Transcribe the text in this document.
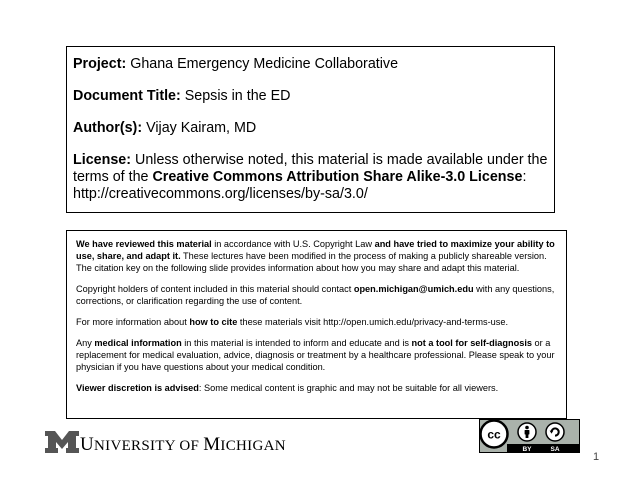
Project: Ghana Emergency Medicine Collaborative

Document Title: Sepsis in the ED

Author(s): Vijay Kairam, MD

License: Unless otherwise noted, this material is made available under the terms of the Creative Commons Attribution Share Alike-3.0 License:
http://creativecommons.org/licenses/by-sa/3.0/

We have reviewed this material in accordance with U.S. Copyright Law and have tried to maximize your ability to use, share, and adapt it. These lectures have been modified in the process of making a publicly shareable version. The citation key on the following slide provides information about how you may share and adapt this material.

Copyright holders of content included in this material should contact open.michigan@umich.edu with any questions, corrections, or clarification regarding the use of content.

For more information about how to cite these materials visit http://open.umich.edu/privacy-and-terms-use.

Any medical information in this material is intended to inform and educate and is not a tool for self-diagnosis or a replacement for medical evaluation, advice, diagnosis or treatment by a healthcare professional. Please speak to your physician if you have questions about your medical condition.

Viewer discretion is advised: Some medical content is graphic and may not be suitable for all viewers.

UNIVERSITY OF MICHIGAN
cc
BY	SA
1
